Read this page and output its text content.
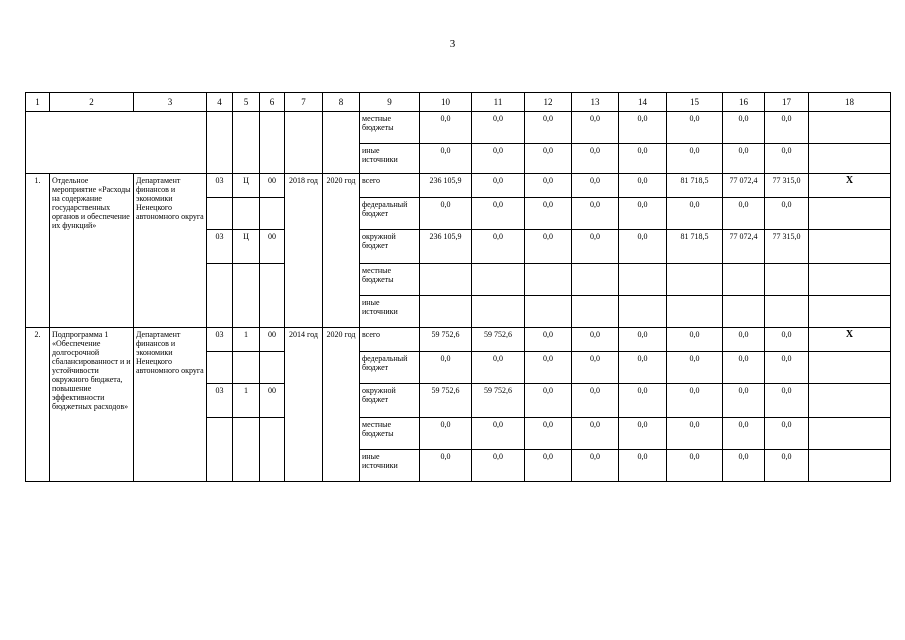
3
1	2	3	4	5	6	7	8	9	10	11	12	13	14	15	16	17	18
								местные бюджеты	0,0	0,0	0,0	0,0	0,0	0,0	0,0	0,0	
								иные источники	0,0	0,0	0,0	0,0	0,0	0,0	0,0	0,0	
1.	Отдельное мероприятие «Расходы на содержание государственных органов и обеспечение их функций»	Департамент финансов и экономики Ненецкого автономного округа	03	Ц	00	2018 год	2020 год	всего	236 105,9	0,0	0,0	0,0	0,0	81 718,5	77 072,4	77 315,0	Х
								федеральный бюджет	0,0	0,0	0,0	0,0	0,0	0,0	0,0	0,0	
			03	Ц	00			окружной бюджет	236 105,9	0,0	0,0	0,0	0,0	81 718,5	77 072,4	77 315,0	
								местные бюджеты									
								иные источники									
2.	Подпрограмма 1 «Обеспечение долгосрочной сбалансированност и и устойчивости окружного бюджета, повышение эффективности бюджетных расходов»	Департамент финансов и экономики Ненецкого автономного округа	03	1	00	2014 год	2020 год	всего	59 752,6	59 752,6	0,0	0,0	0,0	0,0	0,0	0,0	Х
								федеральный бюджет	0,0	0,0	0,0	0,0	0,0	0,0	0,0	0,0	
			03	1	00			окружной бюджет	59 752,6	59 752,6	0,0	0,0	0,0	0,0	0,0	0,0	
								местные бюджеты	0,0	0,0	0,0	0,0	0,0	0,0	0,0	0,0	
								иные источники	0,0	0,0	0,0	0,0	0,0	0,0	0,0	0,0	
